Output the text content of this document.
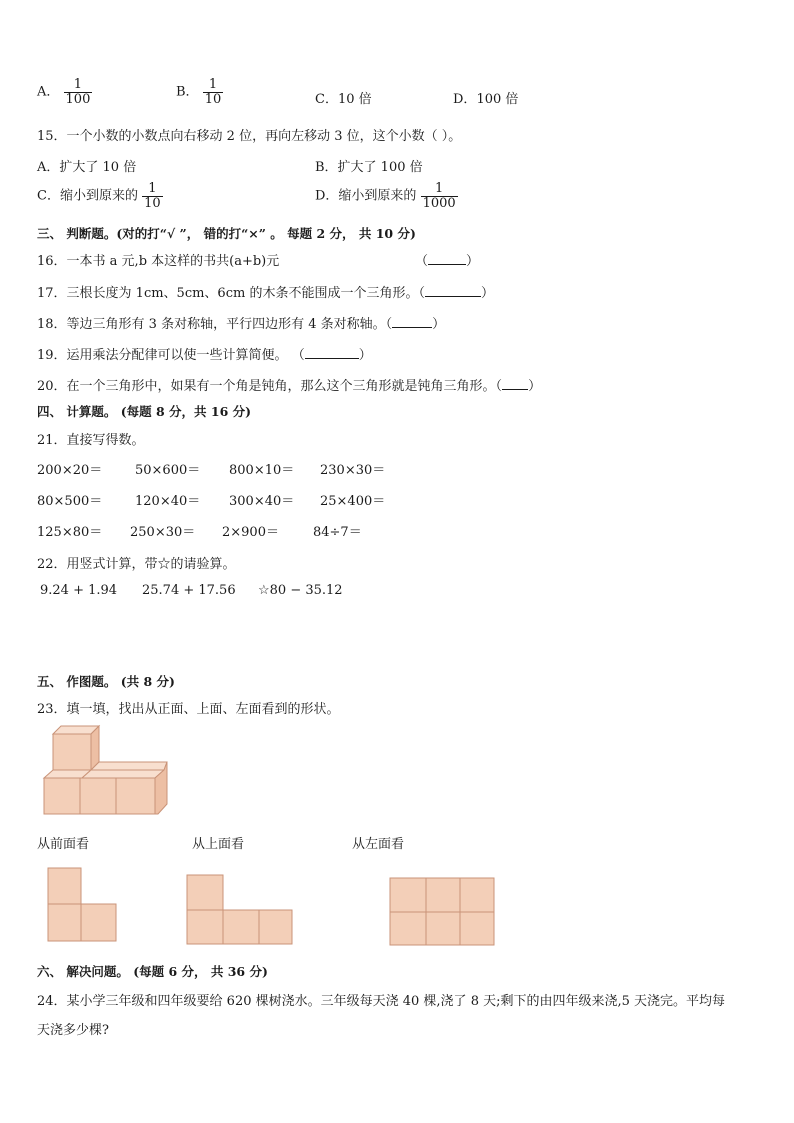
A． $\frac{1}{100}$	B． $\frac{1}{10}$	C．10 倍	D．100 倍
15．一个小数的小数点向右移动 2 位，再向左移动 3 位，这个小数（ ）。
A．扩大了 10 倍	B．扩大了 100 倍
C．缩小到原来的 $\frac{1}{10}$	D．缩小到原来的 $\frac{1}{1000}$
三、 判断题。(对的打“√ ”， 错的打“×” 。 每题 2 分， 共 10 分)
16．一本书 a 元,b 本这样的书共(a+b)元	（	）
17．三根长度为 1cm、5cm、6cm 的木条不能围成一个三角形。（	）
18．等边三角形有 3 条对称轴，平行四边形有 4 条对称轴。（	）
19．运用乘法分配律可以使一些计算简便。 （	）
20．在一个三角形中，如果有一个角是钝角，那么这个三角形就是钝角三角形。（ ）
四、 计算题。 (每题 8 分，共 16 分)
21．直接写得数。
200×20＝	50×600＝ 800×10＝ 230×30＝
80×500＝	120×40＝ 300×40＝ 25×400＝
125×80＝ 250×30＝ 2×900＝	84÷7＝
22．用竖式计算，带☆的请验算。
9.24 + 1.94 25.74 + 17.56 ☆80 − 35.12
五、 作图题。 (共 8 分)
23．填一填，找出从正面、上面、左面看到的形状。
从前面看	从上面看	从左面看
六、 解决问题。 (每题 6 分， 共 36 分)
24．某小学三年级和四年级要给 620 棵树浇水。三年级每天浇 40 棵,浇了 8 天;剩下的由四年级来浇,5 天浇完。平均每
天浇多少棵?
